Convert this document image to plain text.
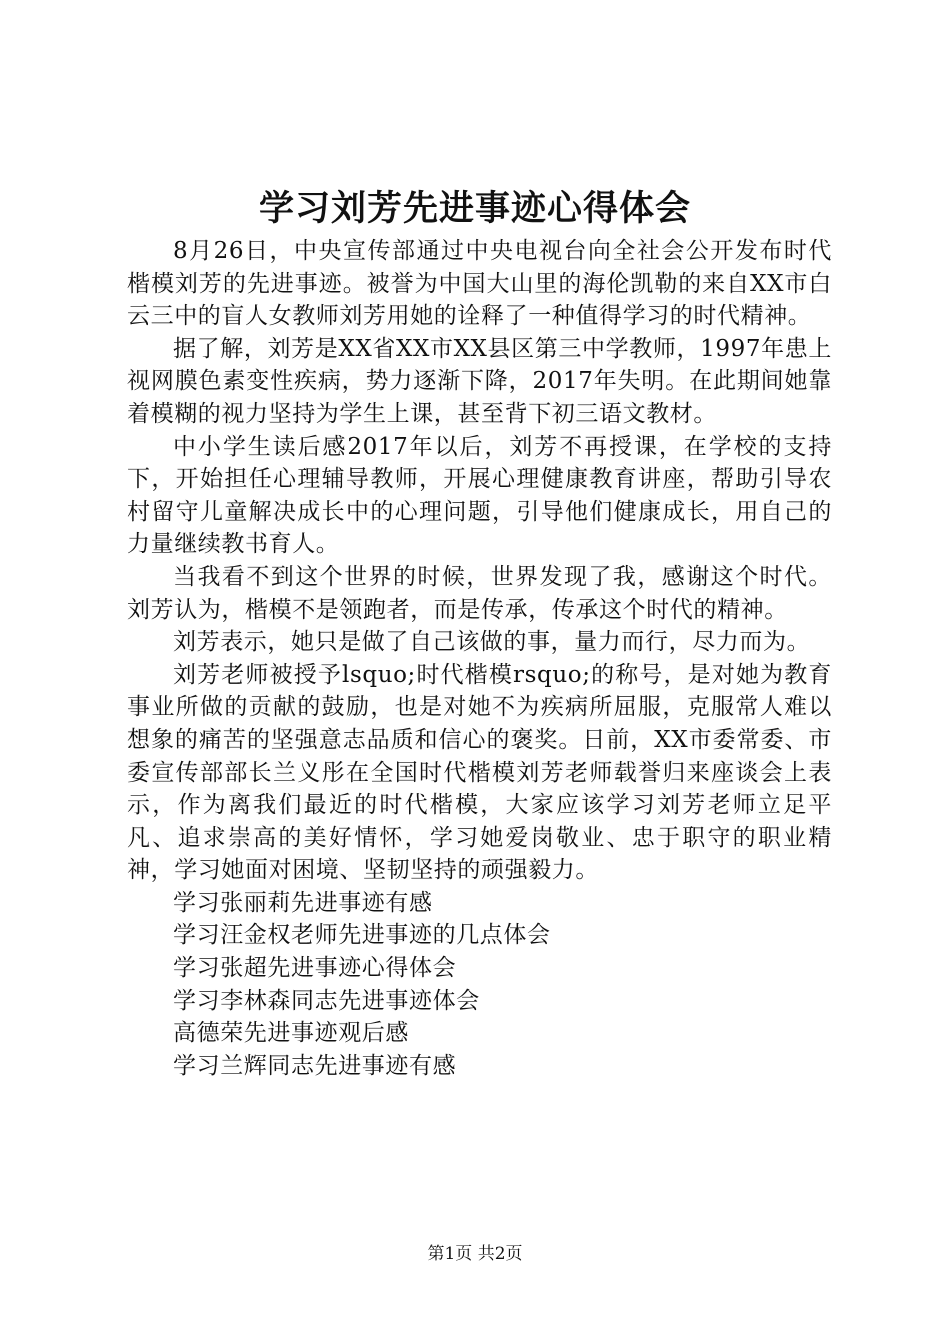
学习刘芳先进事迹心得体会

8月26日，中央宣传部通过中央电视台向全社会公开发布时代楷模刘芳的先进事迹。被誉为中国大山里的海伦凯勒的来自XX市白云三中的盲人女教师刘芳用她的诠释了一种值得学习的时代精神。

据了解，刘芳是XX省XX市XX县区第三中学教师，1997年患上视网膜色素变性疾病，势力逐渐下降，2017年失明。在此期间她靠着模糊的视力坚持为学生上课，甚至背下初三语文教材。

中小学生读后感2017年以后，刘芳不再授课，在学校的支持下，开始担任心理辅导教师，开展心理健康教育讲座，帮助引导农村留守儿童解决成长中的心理问题，引导他们健康成长，用自己的力量继续教书育人。

当我看不到这个世界的时候，世界发现了我，感谢这个时代。刘芳认为，楷模不是领跑者，而是传承，传承这个时代的精神。

刘芳表示，她只是做了自己该做的事，量力而行，尽力而为。

刘芳老师被授予lsquo;时代楷模rsquo;的称号，是对她为教育事业所做的贡献的鼓励，也是对她不为疾病所屈服，克服常人难以想象的痛苦的坚强意志品质和信心的褒奖。日前，XX市委常委、市委宣传部部长兰义彤在全国时代楷模刘芳老师载誉归来座谈会上表示，作为离我们最近的时代楷模，大家应该学习刘芳老师立足平凡、追求崇高的美好情怀，学习她爱岗敬业、忠于职守的职业精神，学习她面对困境、坚韧坚持的顽强毅力。

学习张丽莉先进事迹有感
学习汪金权老师先进事迹的几点体会
学习张超先进事迹心得体会
学习李林森同志先进事迹体会
高德荣先进事迹观后感
学习兰辉同志先进事迹有感
第1页 共2页
